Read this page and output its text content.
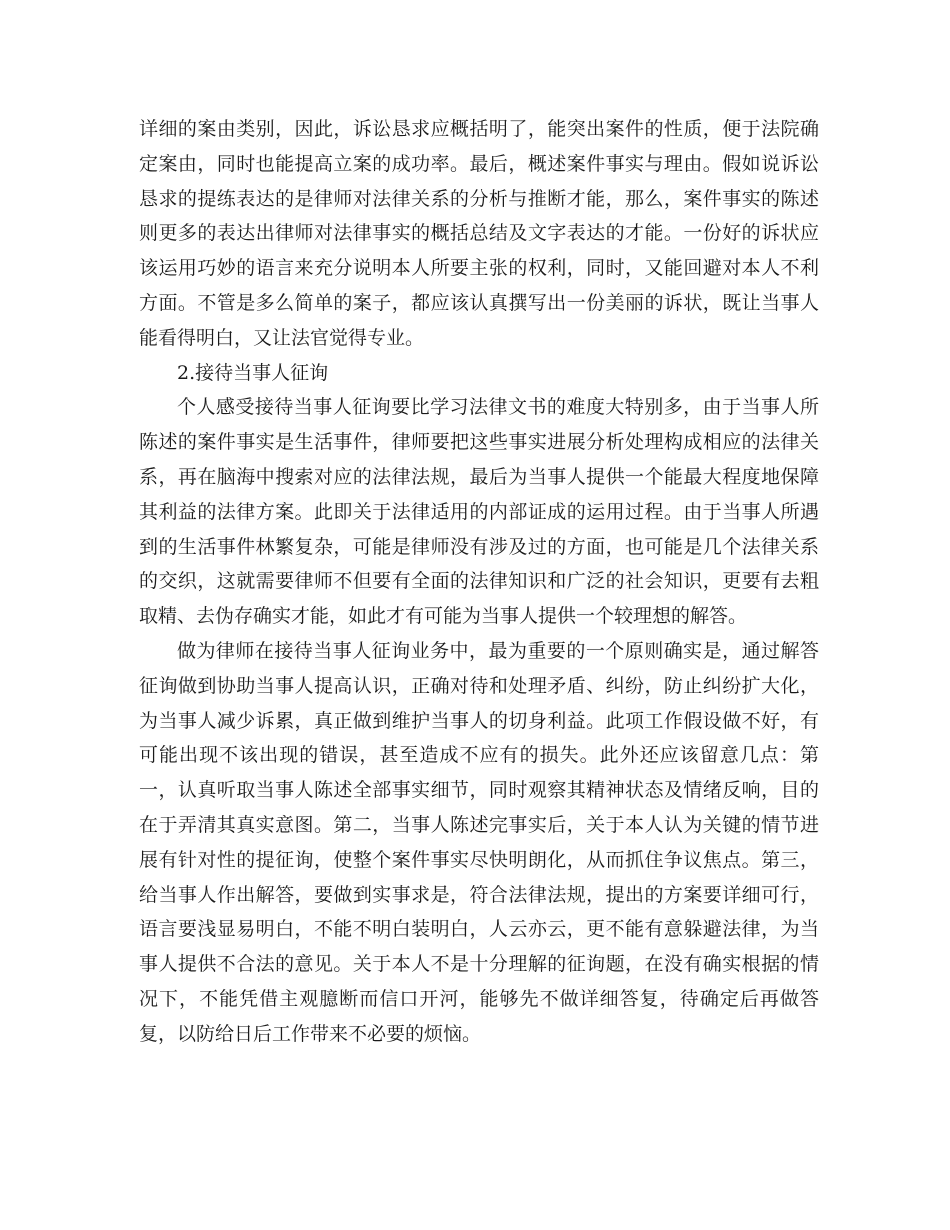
详细的案由类别，因此，诉讼恳求应概括明了，能突出案件的性质，便于法院确定案由，同时也能提高立案的成功率。最后，概述案件事实与理由。假如说诉讼恳求的提练表达的是律师对法律关系的分析与推断才能，那么，案件事实的陈述则更多的表达出律师对法律事实的概括总结及文字表达的才能。一份好的诉状应该运用巧妙的语言来充分说明本人所要主张的权利，同时，又能回避对本人不利方面。不管是多么简单的案子，都应该认真撰写出一份美丽的诉状，既让当事人能看得明白，又让法官觉得专业。

2.接待当事人征询

个人感受接待当事人征询要比学习法律文书的难度大特别多，由于当事人所陈述的案件事实是生活事件，律师要把这些事实进展分析处理构成相应的法律关系，再在脑海中搜索对应的法律法规，最后为当事人提供一个能最大程度地保障其利益的法律方案。此即关于法律适用的内部证成的运用过程。由于当事人所遇到的生活事件林繁复杂，可能是律师没有涉及过的方面，也可能是几个法律关系的交织，这就需要律师不但要有全面的法律知识和广泛的社会知识，更要有去粗取精、去伪存确实才能，如此才有可能为当事人提供一个较理想的解答。

做为律师在接待当事人征询业务中，最为重要的一个原则确实是，通过解答征询做到协助当事人提高认识，正确对待和处理矛盾、纠纷，防止纠纷扩大化，为当事人减少诉累，真正做到维护当事人的切身利益。此项工作假设做不好，有可能出现不该出现的错误，甚至造成不应有的损失。此外还应该留意几点：第一，认真听取当事人陈述全部事实细节，同时观察其精神状态及情绪反响，目的在于弄清其真实意图。第二，当事人陈述完事实后，关于本人认为关键的情节进展有针对性的提征询，使整个案件事实尽快明朗化，从而抓住争议焦点。第三，给当事人作出解答，要做到实事求是，符合法律法规，提出的方案要详细可行，语言要浅显易明白，不能不明白装明白，人云亦云，更不能有意躲避法律，为当事人提供不合法的意见。关于本人不是十分理解的征询题，在没有确实根据的情况下，不能凭借主观臆断而信口开河，能够先不做详细答复，待确定后再做答复，以防给日后工作带来不必要的烦恼。
